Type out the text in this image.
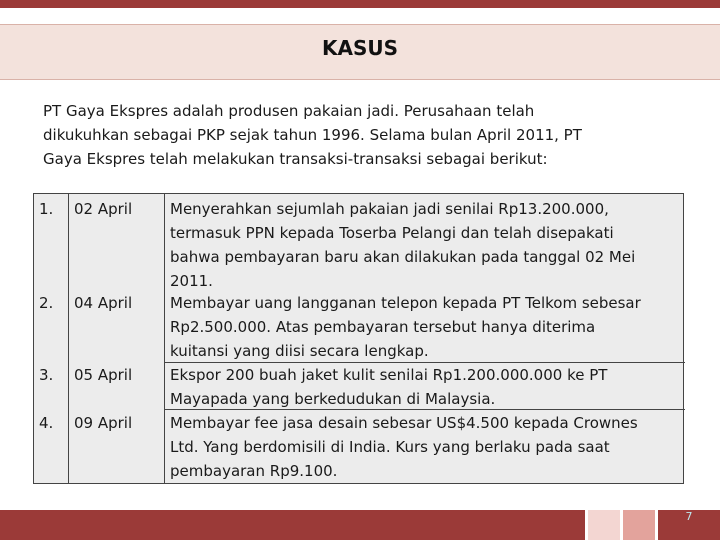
KASUS

PT Gaya Ekspres adalah produsen pakaian jadi. Perusahaan telah
dikukuhkan sebagai PKP sejak tahun 1996. Selama bulan April 2011, PT
Gaya Ekspres telah melakukan transaksi-transaksi sebagai berikut:

1.	02 April	Menyerahkan sejumlah pakaian jadi senilai Rp13.200.000,
termasuk PPN kepada Toserba Pelangi dan telah disepakati
bahwa pembayaran baru akan dilakukan pada tanggal 02 Mei
2011.
2.	04 April	Membayar uang langganan telepon kepada PT Telkom sebesar
Rp2.500.000. Atas pembayaran tersebut hanya diterima
kuitansi yang diisi secara lengkap.
3.	05 April	Ekspor 200 buah jaket kulit senilai Rp1.200.000.000 ke PT
Mayapada yang berkedudukan di Malaysia.
4.	09 April	Membayar fee jasa desain sebesar US$4.500 kepada Crownes
Ltd. Yang berdomisili di India. Kurs yang berlaku pada saat
pembayaran Rp9.100.
7
